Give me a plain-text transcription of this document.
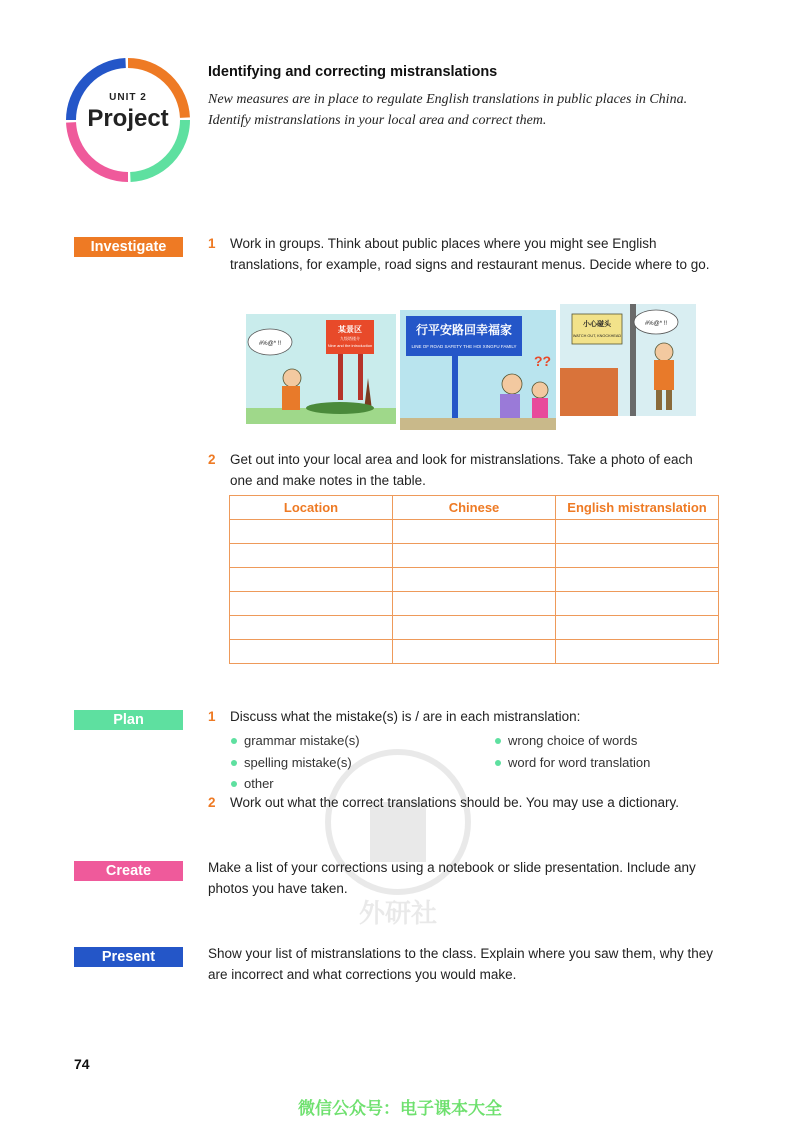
UNIT 2
Project
Identifying and correcting mistranslations
New measures are in place to regulate English translations in public places in China. Identify mistranslations in your local area and correct them.
Investigate	1	Work in groups. Think about public places where you might see English translations, for example, road signs and restaurant menus. Decide where to go.
某景区
九级塔楼介
Nine and the introduction
#%@* !!
行平安路回幸福家
LINE OF ROAD SAFETY THE HOI XINGFU FAMILY
??
小心碰头
WATCH OUT, KNOCKHEAD
#%@* !!
2	Get out into your local area and look for mistranslations. Take a photo of each one and make notes in the table.
Location	Chinese	English mistranslation

外研社
Plan	1	Discuss what the mistake(s) is / are in each mistranslation:
grammar mistake(s)
spelling mistake(s)
other
wrong choice of words
word for word translation
2	Work out what the correct translations should be. You may use a dictionary.
Create	Make a list of your corrections using a notebook or slide presentation. Include any photos you have taken.
Present	Show your list of mistranslations to the class. Explain where you saw them, why they are incorrect and what corrections you would make.
74
微信公众号：电子课本大全
